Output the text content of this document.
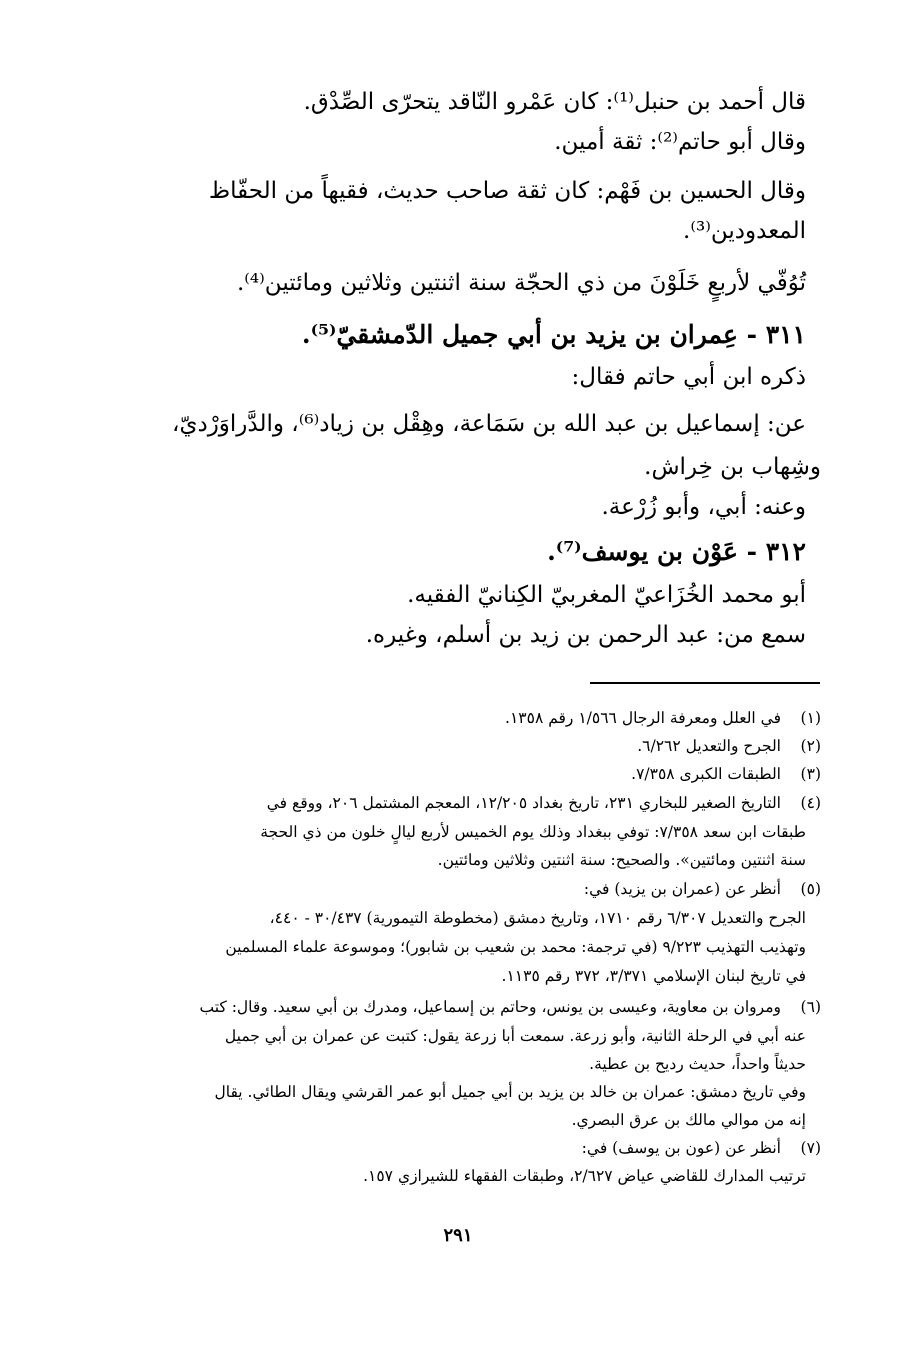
قال أحمد بن حنبل⁽¹⁾: كان عَمْرو النّاقد يتحرّى الصِّدْق.
وقال أبو حاتم⁽²⁾: ثقة أمين.
وقال الحسين بن فَهْم: كان ثقة صاحب حديث، فقيهاً من الحفّاظ
المعدودين⁽³⁾.
تُوُفّي لأربعٍ خَلَوْنَ من ذي الحجّة سنة اثنتين وثلاثين ومائتين⁽⁴⁾.
٣١١ - عِمران بن يزيد بن أبي جميل الدّمشقيّ⁽⁵⁾.
ذكره ابن أبي حاتم فقال:
عن: إسماعيل بن عبد الله بن سَمَاعة، وهِقْل بن زياد⁽⁶⁾، والدَّراوَرْديّ،
وشِهاب بن خِراش.
وعنه: أبي، وأبو زُرْعة.
٣١٢ - عَوْن بن يوسف⁽⁷⁾.
أبو محمد الخُزَاعيّ المغربيّ الكِنانيّ الفقيه.
سمع من: عبد الرحمن بن زيد بن أسلم، وغيره.
(١)
(٢)
(٣)
(٤)
(٥)
(٦)
(٧)
في العلل ومعرفة الرجال ١/٥٦٦ رقم ١٣٥٨.
الجرح والتعديل ٦/٢٦٢.
الطبقات الكبرى ٧/٣٥٨.
التاريخ الصغير للبخاري ٢٣١، تاريخ بغداد ١٢/٢٠٥، المعجم المشتمل ٢٠٦، ووقع في
طبقات ابن سعد ٧/٣٥٨: توفي ببغداد وذلك يوم الخميس لأربع ليالٍ خلون من ذي الحجة
سنة اثنتين ومائتين». والصحيح: سنة اثنتين وثلاثين ومائتين.
أنظر عن (عمران بن يزيد) في:
الجرح والتعديل ٦/٣٠٧ رقم ١٧١٠، وتاريخ دمشق (مخطوطة التيمورية) ٣٠/٤٣٧ - ٤٤٠،
وتهذيب التهذيب ٩/٢٢٣ (في ترجمة: محمد بن شعيب بن شابور)؛ وموسوعة علماء المسلمين
في تاريخ لبنان الإسلامي ٣/٣٧١، ٣٧٢ رقم ١١٣٥.
ومروان بن معاوية، وعيسى بن يونس، وحاتم بن إسماعيل، ومدرك بن أبي سعيد. وقال: كتب
عنه أبي في الرحلة الثانية، وأبو زرعة. سمعت أبا زرعة يقول: كتبت عن عمران بن أبي جميل
حديثاً واحداً، حديث رديح بن عطية.
وفي تاريخ دمشق: عمران بن خالد بن يزيد بن أبي جميل أبو عمر القرشي ويقال الطائي. يقال
إنه من موالي مالك بن عرق البصري.
أنظر عن (عون بن يوسف) في:
ترتيب المدارك للقاضي عياض ٢/٦٢٧، وطبقات الفقهاء للشيرازي ١٥٧.
٢٩١
